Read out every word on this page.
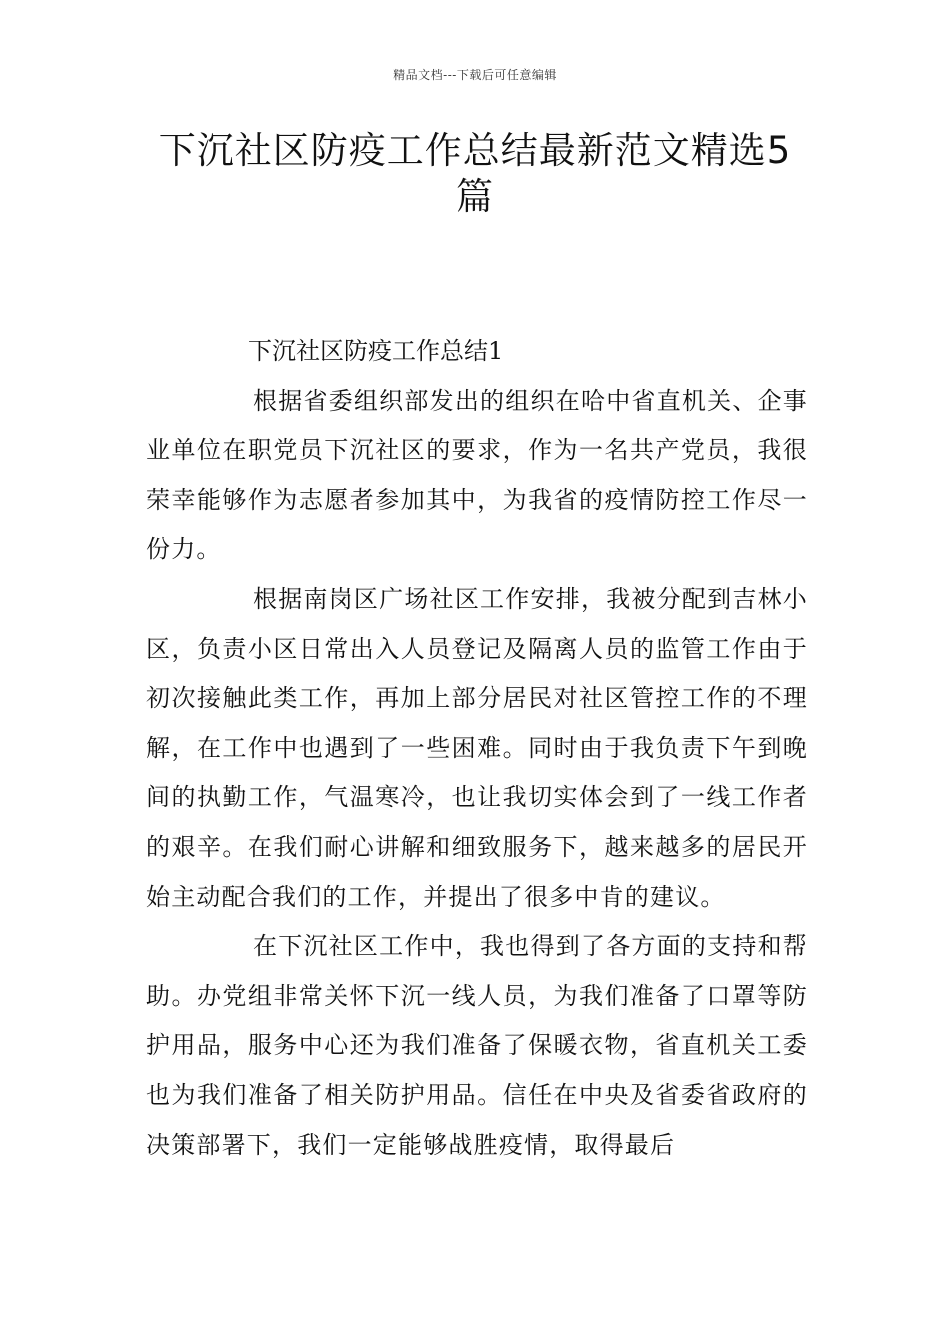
精品文档---下载后可任意编辑
下沉社区防疫工作总结最新范文精选5篇

下沉社区防疫工作总结1

根据省委组织部发出的组织在哈中省直机关、企事业单位在职党员下沉社区的要求，作为一名共产党员，我很荣幸能够作为志愿者参加其中，为我省的疫情防控工作尽一份力。

根据南岗区广场社区工作安排，我被分配到吉林小区，负责小区日常出入人员登记及隔离人员的监管工作由于初次接触此类工作，再加上部分居民对社区管控工作的不理解，在工作中也遇到了一些困难。同时由于我负责下午到晚间的执勤工作，气温寒冷，也让我切实体会到了一线工作者的艰辛。在我们耐心讲解和细致服务下，越来越多的居民开始主动配合我们的工作，并提出了很多中肯的建议。

在下沉社区工作中，我也得到了各方面的支持和帮助。办党组非常关怀下沉一线人员，为我们准备了口罩等防护用品，服务中心还为我们准备了保暖衣物，省直机关工委也为我们准备了相关防护用品。信任在中央及省委省政府的决策部署下，我们一定能够战胜疫情，取得最后
